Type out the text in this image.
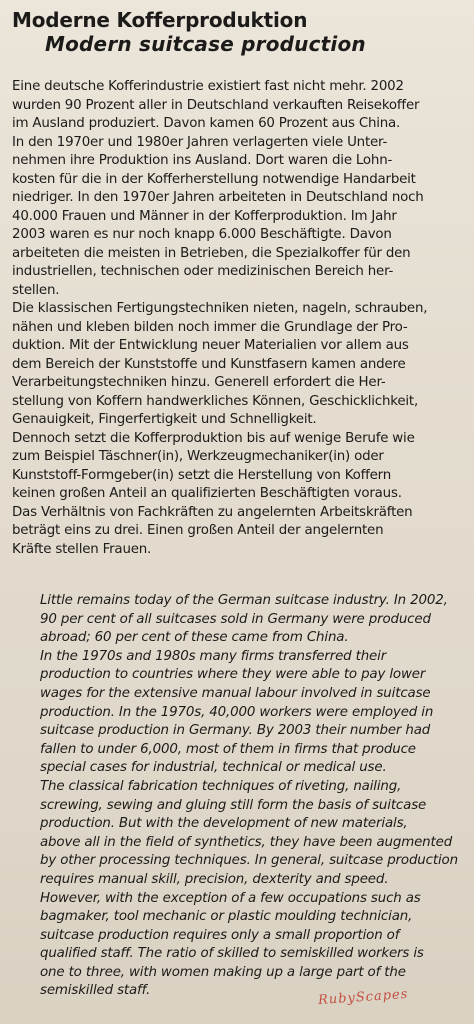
Moderne Kofferproduktion
Modern suitcase production
Eine deutsche Kofferindustrie existiert fast nicht mehr. 2002
wurden 90 Prozent aller in Deutschland verkauften Reisekoffer
im Ausland produziert. Davon kamen 60 Prozent aus China.
In den 1970er und 1980er Jahren verlagerten viele Unter-
nehmen ihre Produktion ins Ausland. Dort waren die Lohn-
kosten für die in der Kofferherstellung notwendige Handarbeit
niedriger. In den 1970er Jahren arbeiteten in Deutschland noch
40.000 Frauen und Männer in der Kofferproduktion. Im Jahr
2003 waren es nur noch knapp 6.000 Beschäftigte. Davon
arbeiteten die meisten in Betrieben, die Spezialkoffer für den
industriellen, technischen oder medizinischen Bereich her-
stellen.
Die klassischen Fertigungstechniken nieten, nageln, schrauben,
nähen und kleben bilden noch immer die Grundlage der Pro-
duktion. Mit der Entwicklung neuer Materialien vor allem aus
dem Bereich der Kunststoffe und Kunstfasern kamen andere
Verarbeitungstechniken hinzu. Generell erfordert die Her-
stellung von Koffern handwerkliches Können, Geschicklichkeit,
Genauigkeit, Fingerfertigkeit und Schnelligkeit.
Dennoch setzt die Kofferproduktion bis auf wenige Berufe wie
zum Beispiel Täschner(in), Werkzeugmechaniker(in) oder
Kunststoff-Formgeber(in) setzt die Herstellung von Koffern
keinen großen Anteil an qualifizierten Beschäftigten voraus.
Das Verhältnis von Fachkräften zu angelernten Arbeitskräften
beträgt eins zu drei. Einen großen Anteil der angelernten
Kräfte stellen Frauen.
Little remains today of the German suitcase industry. In 2002,
90 per cent of all suitcases sold in Germany were produced
abroad; 60 per cent of these came from China.
In the 1970s and 1980s many firms transferred their
production to countries where they were able to pay lower
wages for the extensive manual labour involved in suitcase
production. In the 1970s, 40,000 workers were employed in
suitcase production in Germany. By 2003 their number had
fallen to under 6,000, most of them in firms that produce
special cases for industrial, technical or medical use.
The classical fabrication techniques of riveting, nailing,
screwing, sewing and gluing still form the basis of suitcase
production. But with the development of new materials,
above all in the field of synthetics, they have been augmented
by other processing techniques. In general, suitcase production
requires manual skill, precision, dexterity and speed.
However, with the exception of a few occupations such as
bagmaker, tool mechanic or plastic moulding technician,
suitcase production requires only a small proportion of
qualified staff. The ratio of skilled to semiskilled workers is
one to three, with women making up a large part of the
semiskilled staff.	RubyScapes
